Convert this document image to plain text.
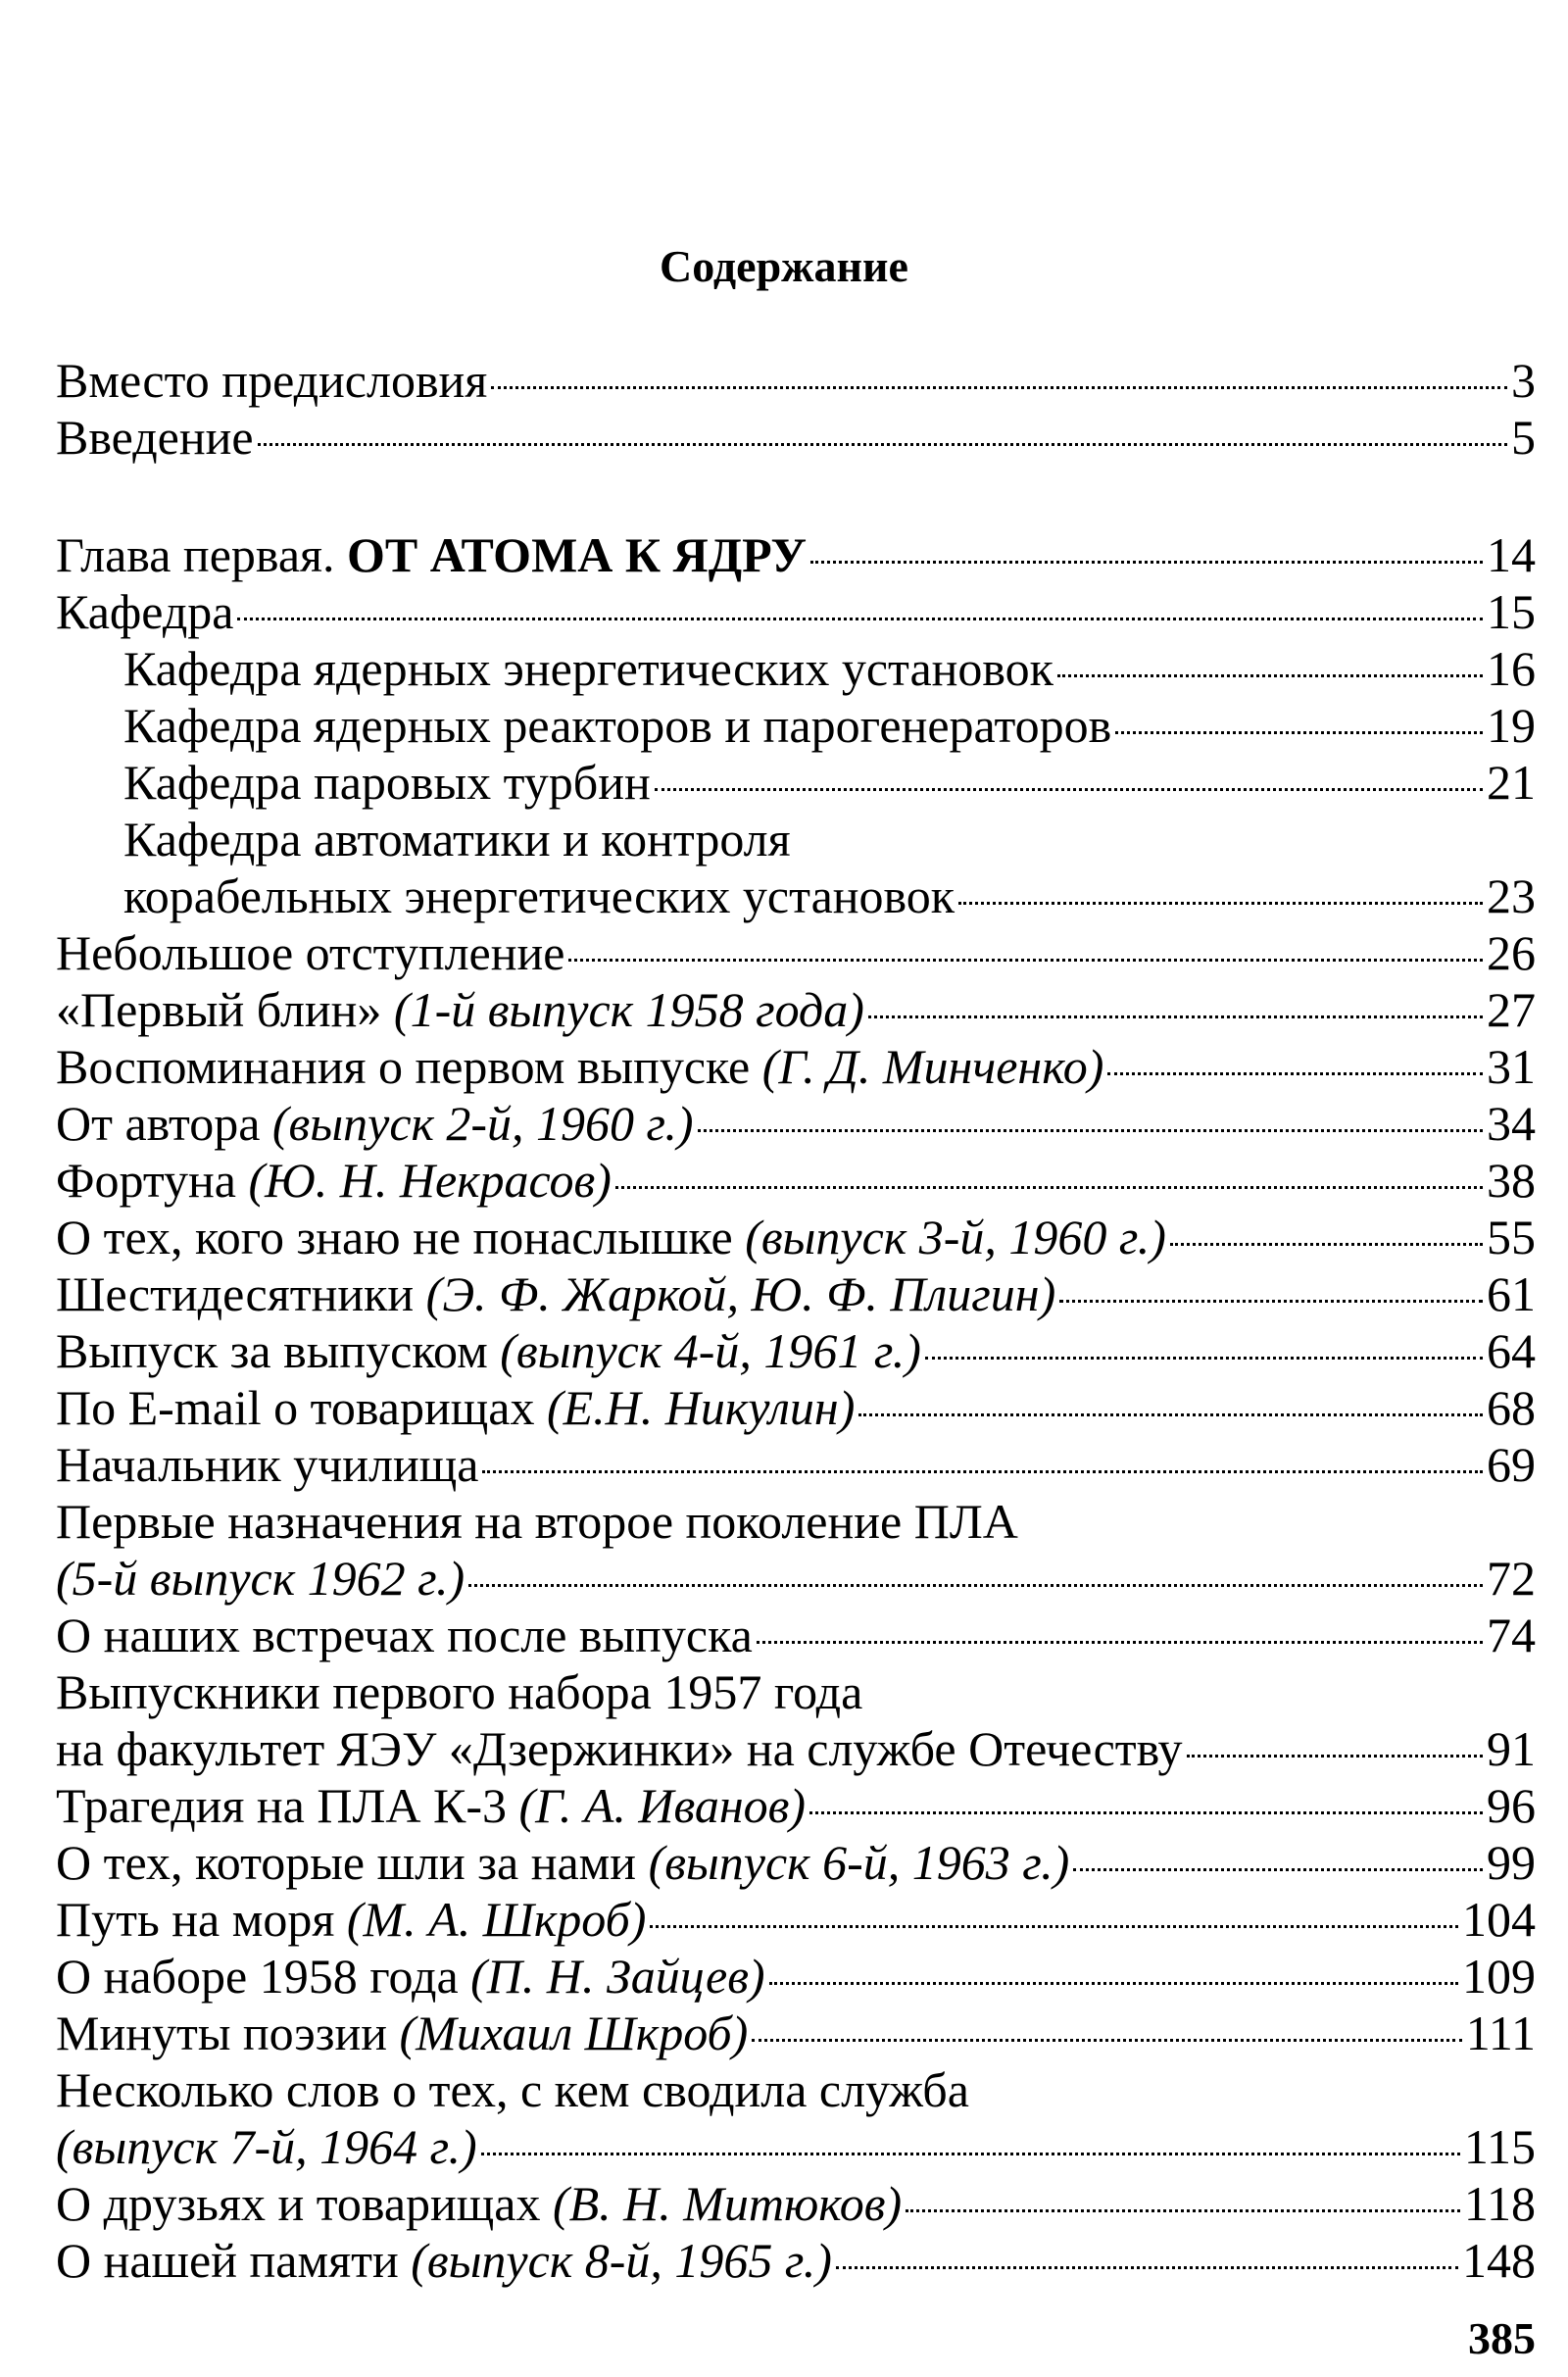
Содержание
Вместо предисловия	3
Введение	5
Глава первая. ОТ АТОМА К ЯДРУ	14
Кафедра	15
Кафедра ядерных энергетических установок	16
Кафедра ядерных реакторов и парогенераторов	19
Кафедра паровых турбин	21
Кафедра автоматики и контроля
корабельных энергетических установок	23
Небольшое отступление	26
«Первый блин» (1-й выпуск 1958 года)	27
Воспоминания о первом выпуске (Г. Д. Минченко)	31
От автора (выпуск 2-й, 1960 г.)	34
Фортуна (Ю. Н. Некрасов)	38
О тех, кого знаю не понаслышке (выпуск 3-й, 1960 г.)	55
Шестидесятники (Э. Ф. Жаркой, Ю. Ф. Плигин)	61
Выпуск за выпуском (выпуск 4-й, 1961 г.)	64
По E-mail о товарищах (Е.Н. Никулин)	68
Начальник училища	69
Первые назначения на второе поколение ПЛА
(5-й выпуск 1962 г.)	72
О наших встречах после выпуска	74
Выпускники первого набора 1957 года
на факультет ЯЭУ «Дзержинки» на службе Отечеству	91
Трагедия на ПЛА К-3 (Г. А. Иванов)	96
О тех, которые шли за нами (выпуск 6-й, 1963 г.)	99
Путь на моря (М. А. Шкроб)	104
О наборе 1958 года (П. Н. Зайцев)	109
Минуты поэзии (Михаил Шкроб)	111
Несколько слов о тех, с кем сводила служба
(выпуск 7-й, 1964 г.)	115
О друзьях и товарищах (В. Н. Митюков)	118
О нашей памяти (выпуск 8-й, 1965 г.)	148
385
